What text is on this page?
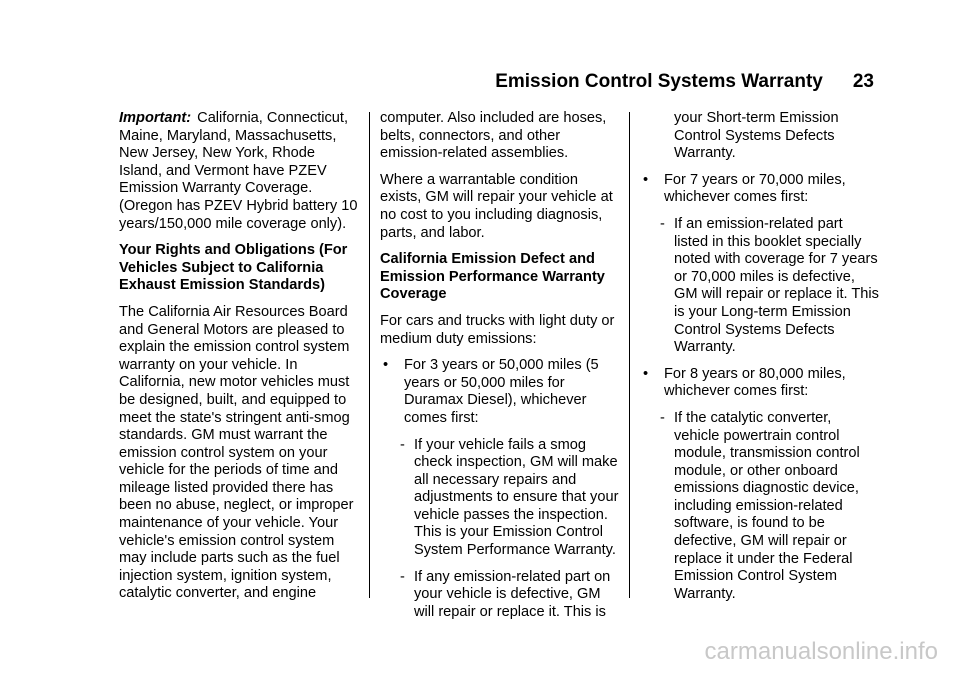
Emission Control Systems Warranty 23

Important: California, Connecticut, Maine, Maryland, Massachusetts, New Jersey, New York, Rhode Island, and Vermont have PZEV Emission Warranty Coverage. (Oregon has PZEV Hybrid battery 10 years/150,000 mile coverage only).

Your Rights and Obligations (For Vehicles Subject to California Exhaust Emission Standards)

The California Air Resources Board and General Motors are pleased to explain the emission control system warranty on your vehicle. In California, new motor vehicles must be designed, built, and equipped to meet the state's stringent anti-smog standards. GM must warrant the emission control system on your vehicle for the periods of time and mileage listed provided there has been no abuse, neglect, or improper maintenance of your vehicle. Your vehicle's emission control system may include parts such as the fuel injection system, ignition system, catalytic converter, and engine

computer. Also included are hoses, belts, connectors, and other emission-related assemblies.

Where a warrantable condition exists, GM will repair your vehicle at no cost to you including diagnosis, parts, and labor.

California Emission Defect and Emission Performance Warranty Coverage

For cars and trucks with light duty or medium duty emissions:

• For 3 years or 50,000 miles (5 years or 50,000 miles for Duramax Diesel), whichever comes first:
- If your vehicle fails a smog check inspection, GM will make all necessary repairs and adjustments to ensure that your vehicle passes the inspection. This is your Emission Control System Performance Warranty.
- If any emission-related part on your vehicle is defective, GM will repair or replace it. This is

your Short-term Emission Control Systems Defects Warranty.

• For 7 years or 70,000 miles, whichever comes first:
- If an emission-related part listed in this booklet specially noted with coverage for 7 years or 70,000 miles is defective, GM will repair or replace it. This is your Long-term Emission Control Systems Defects Warranty.
• For 8 years or 80,000 miles, whichever comes first:
- If the catalytic converter, vehicle powertrain control module, transmission control module, or other onboard emissions diagnostic device, including emission-related software, is found to be defective, GM will repair or replace it under the Federal Emission Control System Warranty.
carmanualsonline.info
